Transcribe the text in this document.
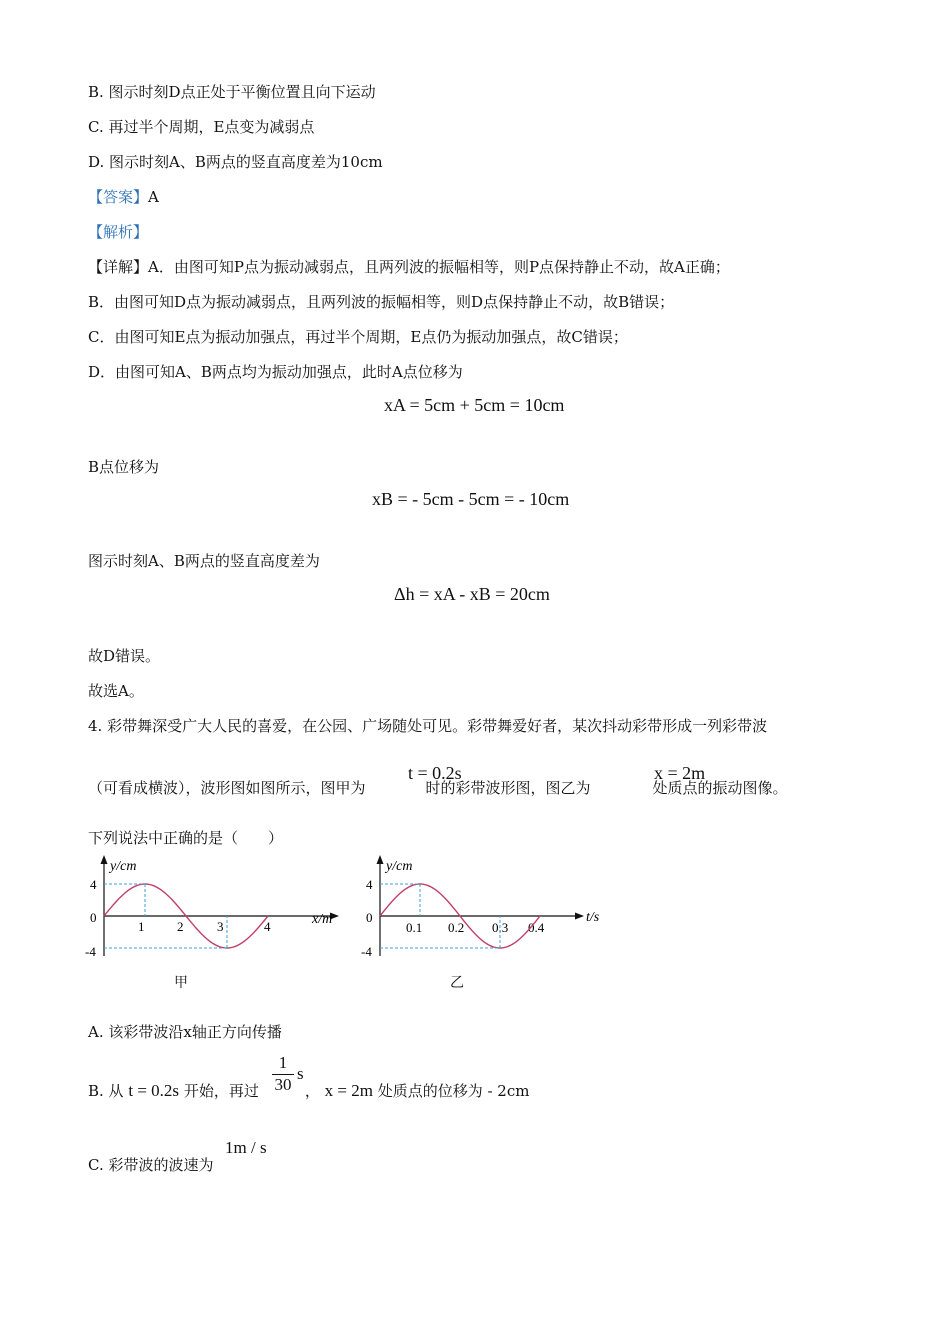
B. 图示时刻D点正处于平衡位置且向下运动
C. 再过半个周期，E点变为减弱点
D. 图示时刻A、B两点的竖直高度差为10cm
【答案】A
【解析】
【详解】A．由图可知P点为振动减弱点，且两列波的振幅相等，则P点保持静止不动，故A正确；
B．由图可知D点为振动减弱点，且两列波的振幅相等，则D点保持静止不动，故B错误；
C．由图可知E点为振动加强点，再过半个周期，E点仍为振动加强点，故C错误；
D．由图可知A、B两点均为振动加强点，此时A点位移为
xA = 5cm + 5cm = 10cm
B点位移为
xB = - 5cm - 5cm = - 10cm
图示时刻A、B两点的竖直高度差为
Δh = xA - xB = 20cm
故D错误。
故选A。
4. 彩带舞深受广大人民的喜爱，在公园、广场随处可见。彩带舞爱好者，某次抖动彩带形成一列彩带波
（可看成横波），波形图如图所示，图甲为	时的彩带波形图，图乙为	处质点的振动图像。
t = 0.2s	x = 2m
下列说法中正确的是（　　）
y/cm
x/m
4
0
-4
1	2	3	4
甲
y/cm
t/s
4
0
-4
0.1 0.2 0.3 0.4
乙
A. 该彩带波沿x轴正方向传播
B. 从 t = 0.2s 开始，再过	， x = 2m 处质点的位移为 - 2cm
$\frac{1}{30}$ s
C. 彩带波的波速为
1m / s
